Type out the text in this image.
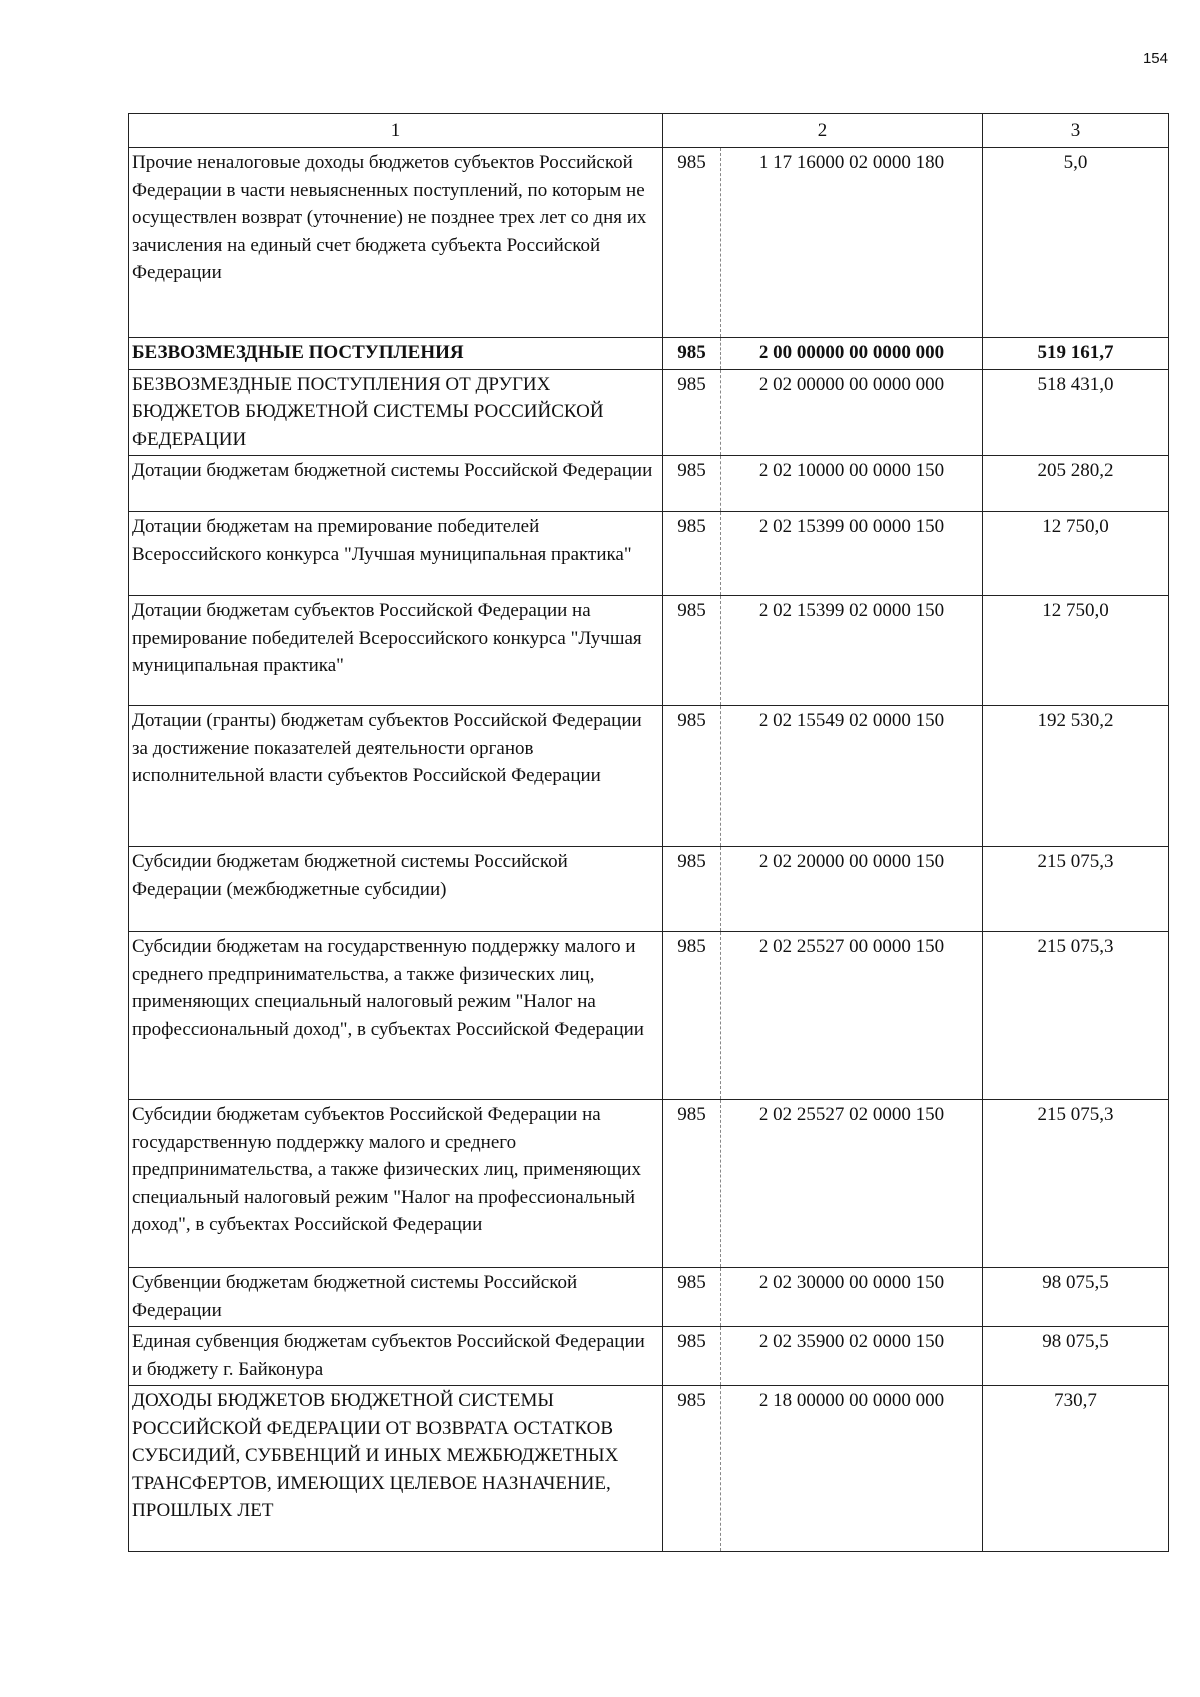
154
1	2		3
Прочие неналоговые доходы бюджетов субъектов Российской Федерации в части невыясненных поступлений, по которым не осуществлен возврат (уточнение) не позднее трех лет со дня их зачисления на единый счет бюджета субъекта Российской Федерации	985	1 17 16000 02 0000 180	5,0
БЕЗВОЗМЕЗДНЫЕ ПОСТУПЛЕНИЯ	985	2 00 00000 00 0000 000	519 161,7
БЕЗВОЗМЕЗДНЫЕ ПОСТУПЛЕНИЯ ОТ ДРУГИХ БЮДЖЕТОВ БЮДЖЕТНОЙ СИСТЕМЫ РОССИЙСКОЙ ФЕДЕРАЦИИ	985	2 02 00000 00 0000 000	518 431,0
Дотации бюджетам бюджетной системы Российской Федерации	985	2 02 10000 00 0000 150	205 280,2
Дотации бюджетам на премирование победителей Всероссийского конкурса "Лучшая муниципальная практика"	985	2 02 15399 00 0000 150	12 750,0
Дотации бюджетам субъектов Российской Федерации на премирование победителей Всероссийского конкурса "Лучшая муниципальная практика"	985	2 02 15399 02 0000 150	12 750,0
Дотации (гранты) бюджетам субъектов Российской Федерации за достижение показателей деятельности органов исполнительной власти субъектов Российской Федерации	985	2 02 15549 02 0000 150	192 530,2
Субсидии бюджетам бюджетной системы Российской Федерации (межбюджетные субсидии)	985	2 02 20000 00 0000 150	215 075,3
Субсидии бюджетам на государственную поддержку малого и среднего предпринимательства, а также физических лиц, применяющих специальный налоговый режим "Налог на профессиональный доход", в субъектах Российской Федерации	985	2 02 25527 00 0000 150	215 075,3
Субсидии бюджетам субъектов Российской Федерации на государственную поддержку малого и среднего предпринимательства, а также физических лиц, применяющих специальный налоговый режим "Налог на профессиональный доход", в субъектах Российской Федерации	985	2 02 25527 02 0000 150	215 075,3
Субвенции бюджетам бюджетной системы Российской Федерации	985	2 02 30000 00 0000 150	98 075,5
Единая субвенция бюджетам субъектов Российской Федерации и бюджету г. Байконура	985	2 02 35900 02 0000 150	98 075,5
ДОХОДЫ БЮДЖЕТОВ БЮДЖЕТНОЙ СИСТЕМЫ РОССИЙСКОЙ ФЕДЕРАЦИИ ОТ ВОЗВРАТА ОСТАТКОВ СУБСИДИЙ, СУБВЕНЦИЙ И ИНЫХ МЕЖБЮДЖЕТНЫХ ТРАНСФЕРТОВ, ИМЕЮЩИХ ЦЕЛЕВОЕ НАЗНАЧЕНИЕ, ПРОШЛЫХ ЛЕТ	985	2 18 00000 00 0000 000	730,7
